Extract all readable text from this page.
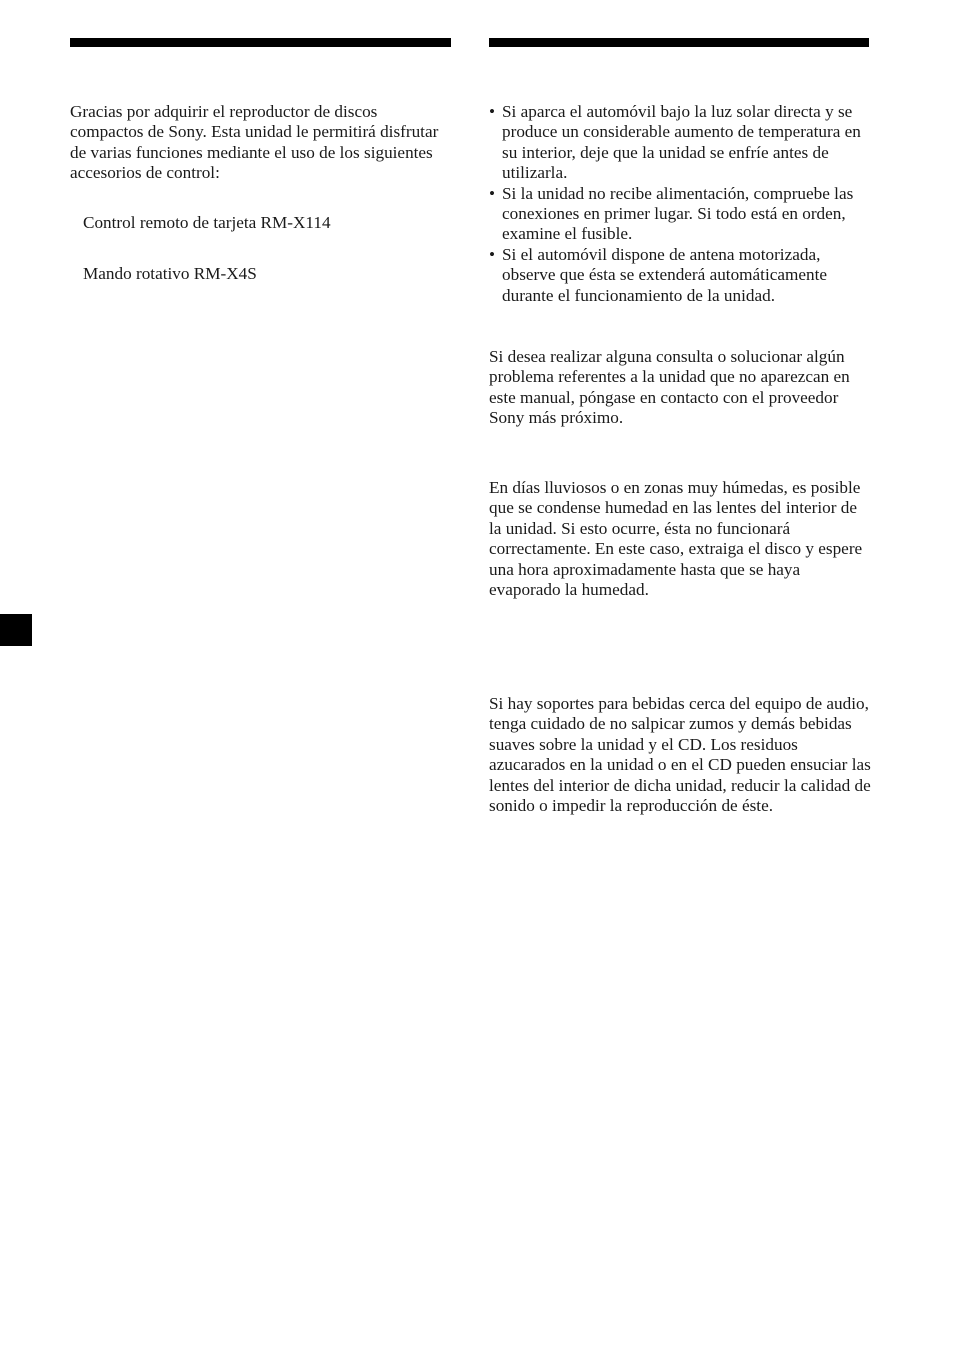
Gracias por adquirir el reproductor de discos compactos de Sony. Esta unidad le permitirá disfrutar de varias funciones mediante el uso de los siguientes accesorios de control:

Control remoto de tarjeta RM-X114

Mando rotativo RM-X4S

• Si aparca el automóvil bajo la luz solar directa y se produce un considerable aumento de temperatura en su interior, deje que la unidad se enfríe antes de utilizarla.
• Si la unidad no recibe alimentación, compruebe las conexiones en primer lugar. Si todo está en orden, examine el fusible.
• Si el automóvil dispone de antena motorizada, observe que ésta se extenderá automáticamente durante el funcionamiento de la unidad.

Si desea realizar alguna consulta o solucionar algún problema referentes a la unidad que no aparezcan en este manual, póngase en contacto con el proveedor Sony más próximo.

En días lluviosos o en zonas muy húmedas, es posible que se condense humedad en las lentes del interior de la unidad. Si esto ocurre, ésta no funcionará correctamente. En este caso, extraiga el disco y espere una hora aproximadamente hasta que se haya evaporado la humedad.

Si hay soportes para bebidas cerca del equipo de audio, tenga cuidado de no salpicar zumos y demás bebidas suaves sobre la unidad y el CD. Los residuos azucarados en la unidad o en el CD pueden ensuciar las lentes del interior de dicha unidad, reducir la calidad de sonido o impedir la reproducción de éste.
